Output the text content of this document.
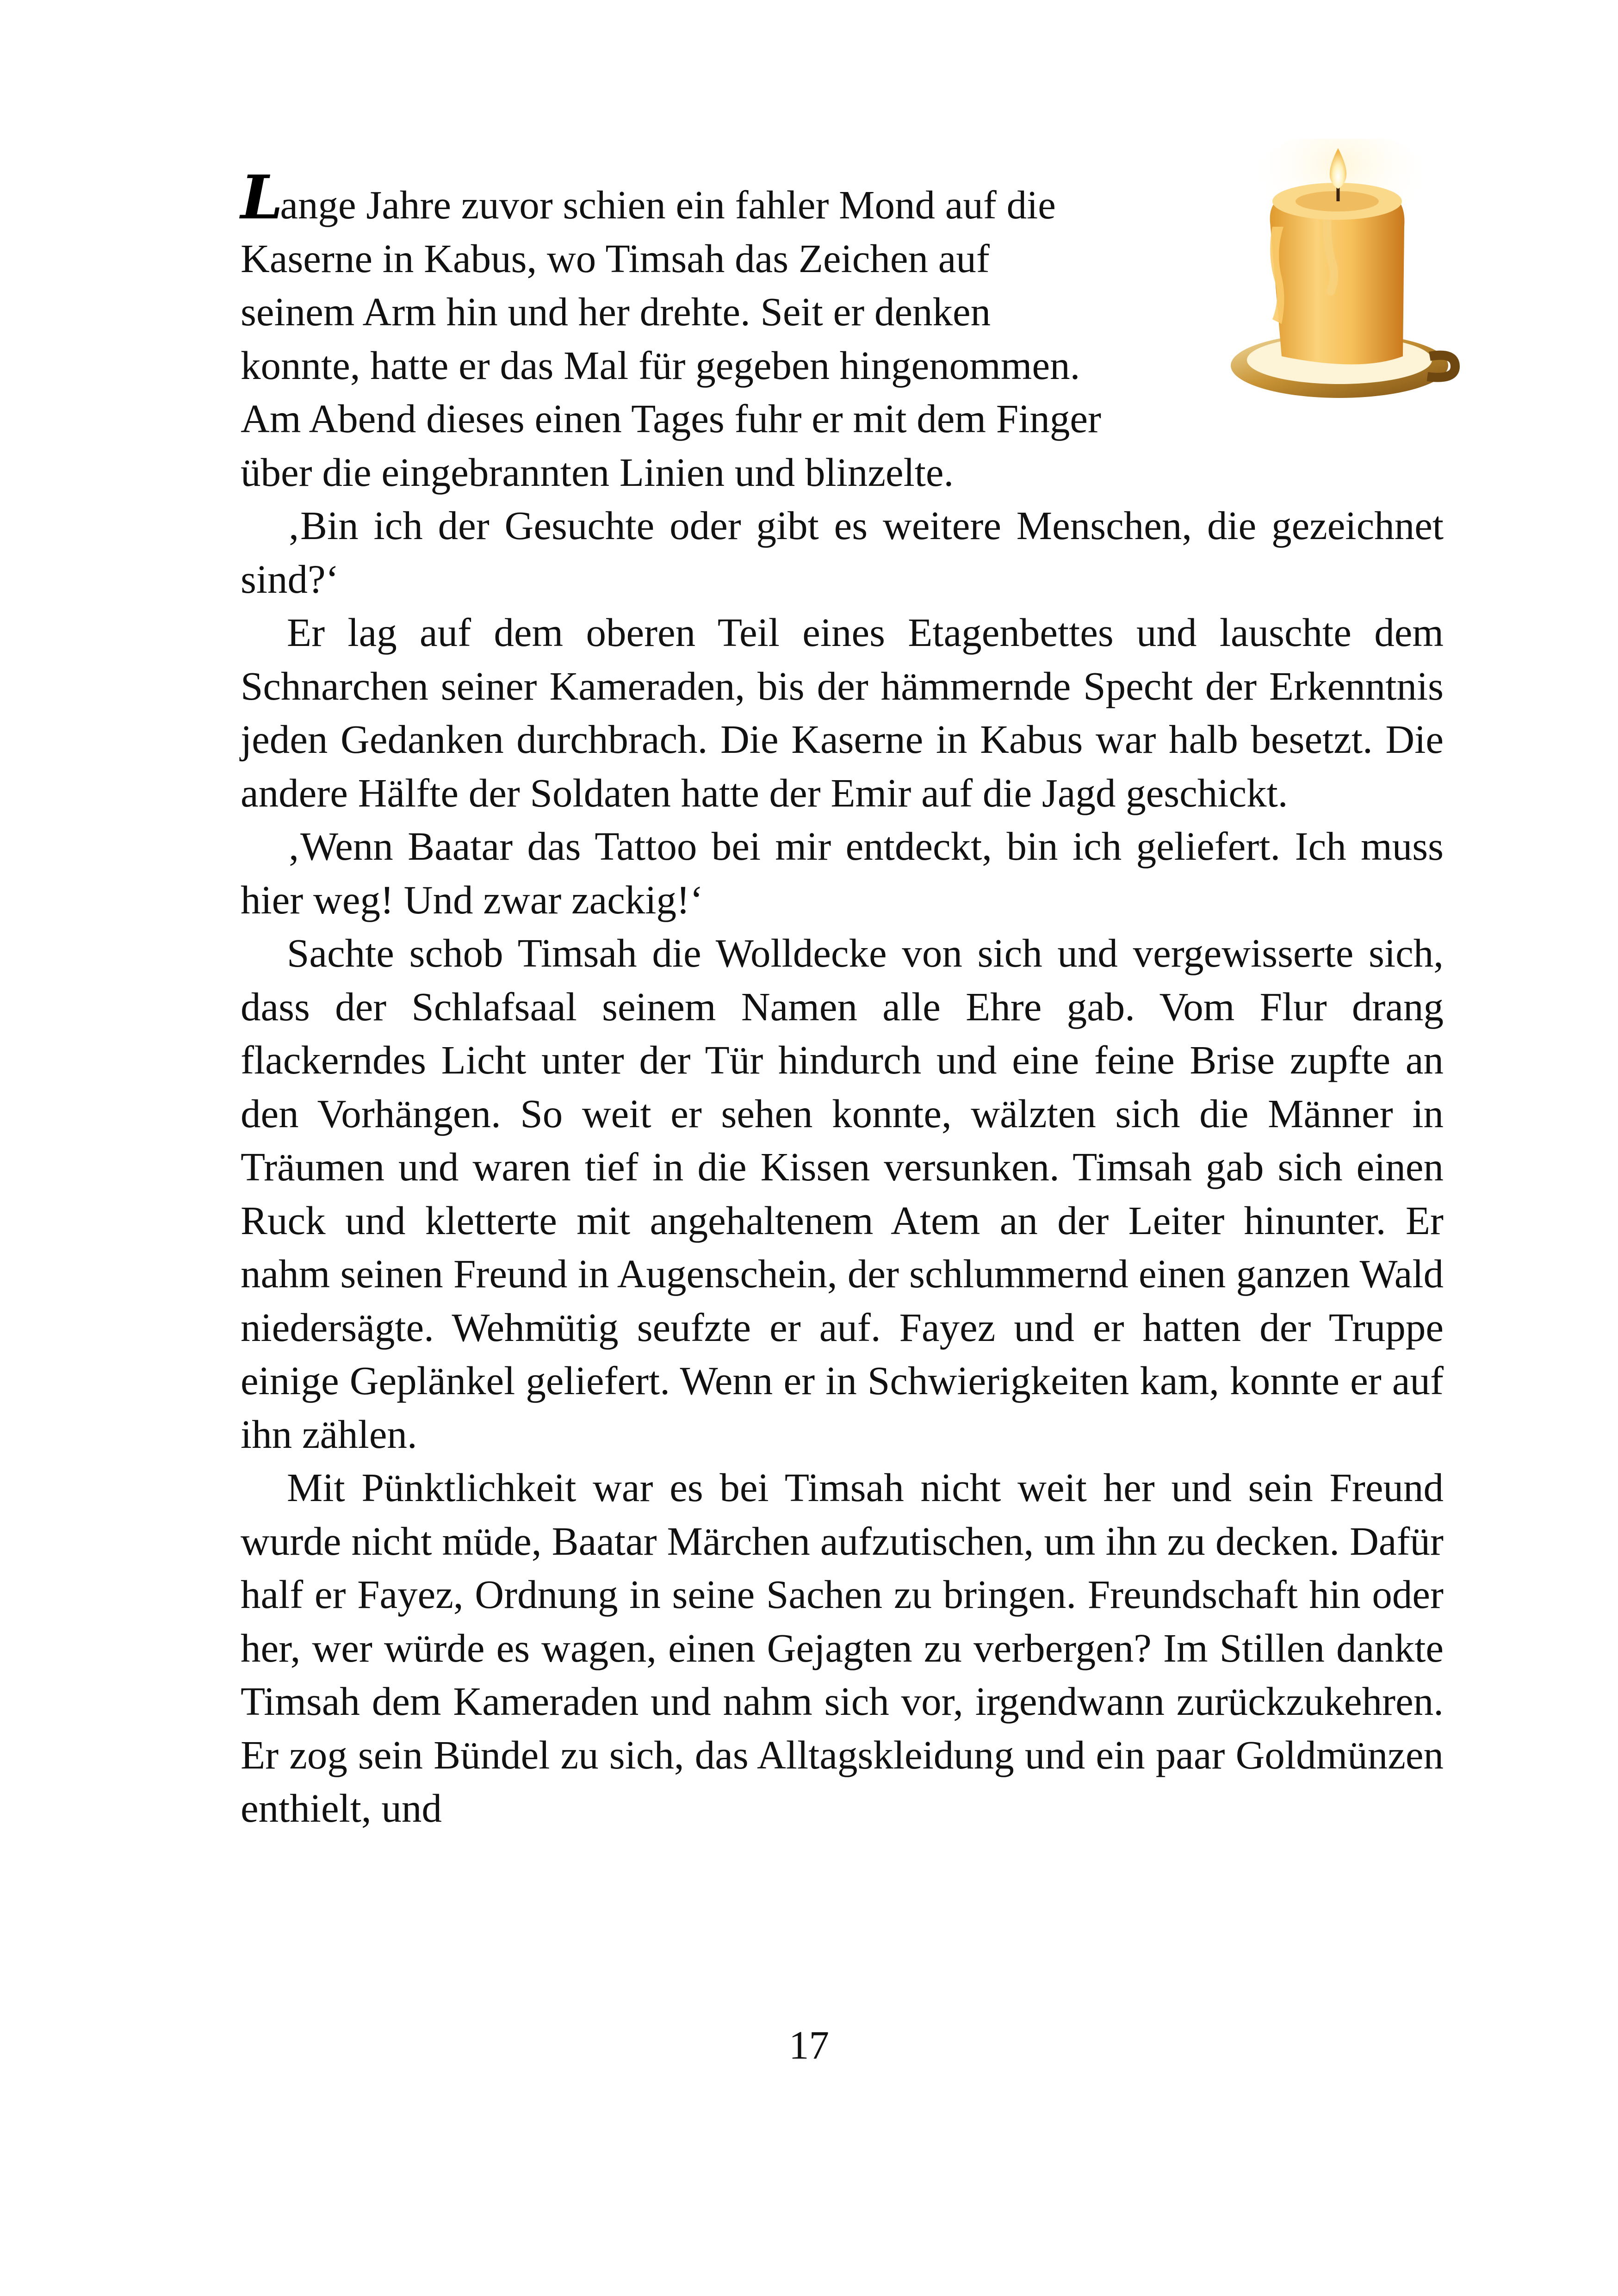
Lange Jahre zuvor schien ein fahler Mond auf die
Kaserne in Kabus, wo Timsah das Zeichen auf
seinem Arm hin und her drehte. Seit er denken
konnte, hatte er das Mal für gegeben hingenommen.
Am Abend dieses einen Tages fuhr er mit dem Finger
über die eingebrannten Linien und blinzelte.

‚Bin ich der Gesuchte oder gibt es weitere Menschen, die gezeichnet sind?‘

Er lag auf dem oberen Teil eines Etagenbettes und lauschte dem Schnarchen seiner Kameraden, bis der hämmernde Specht der Erkenntnis jeden Gedanken durchbrach. Die Kaserne in Kabus war halb besetzt. Die andere Hälfte der Soldaten hatte der Emir auf die Jagd geschickt.

‚Wenn Baatar das Tattoo bei mir entdeckt, bin ich geliefert. Ich muss hier weg! Und zwar zackig!‘

Sachte schob Timsah die Wolldecke von sich und vergewisserte sich, dass der Schlafsaal seinem Namen alle Ehre gab. Vom Flur drang flackerndes Licht unter der Tür hindurch und eine feine Brise zupfte an den Vorhängen. So weit er sehen konnte, wälzten sich die Männer in Träumen und waren tief in die Kissen versunken. Timsah gab sich einen Ruck und kletterte mit angehaltenem Atem an der Leiter hinunter. Er nahm seinen Freund in Augenschein, der schlummernd einen ganzen Wald niedersägte. Wehmütig seufzte er auf. Fayez und er hatten der Truppe einige Geplänkel geliefert. Wenn er in Schwierigkeiten kam, konnte er auf ihn zählen.

Mit Pünktlichkeit war es bei Timsah nicht weit her und sein Freund wurde nicht müde, Baatar Märchen aufzutischen, um ihn zu decken. Dafür half er Fayez, Ordnung in seine Sachen zu bringen. Freundschaft hin oder her, wer würde es wagen, einen Gejagten zu verbergen? Im Stillen dankte Timsah dem Kameraden und nahm sich vor, irgendwann zurückzukehren. Er zog sein Bündel zu sich, das Alltagskleidung und ein paar Goldmünzen enthielt, und

17
